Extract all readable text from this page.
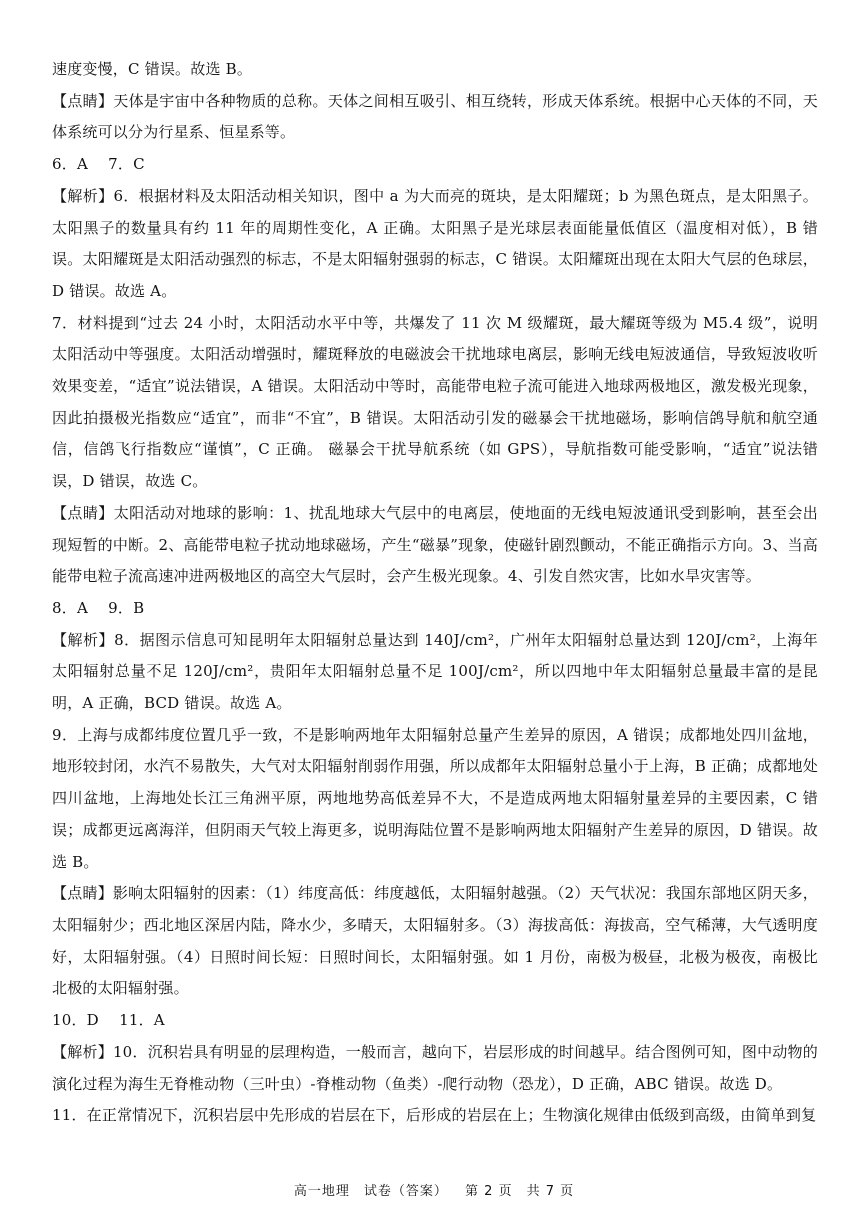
速度变慢，C 错误。故选 B。

【点睛】天体是宇宙中各种物质的总称。天体之间相互吸引、相互绕转，形成天体系统。根据中心天体的不同，天体系统可以分为行星系、恒星系等。

6．A　 7．C

【解析】6．根据材料及太阳活动相关知识，图中 a 为大而亮的斑块，是太阳耀斑；b 为黑色斑点，是太阳黑子。太阳黑子的数量具有约 11 年的周期性变化，A 正确。太阳黑子是光球层表面能量低值区（温度相对低），B 错误。太阳耀斑是太阳活动强烈的标志，不是太阳辐射强弱的标志，C 错误。太阳耀斑出现在太阳大气层的色球层，D 错误。故选 A。

7．材料提到“过去 24 小时，太阳活动水平中等，共爆发了 11 次 M 级耀斑，最大耀斑等级为 M5.4 级”，说明太阳活动中等强度。太阳活动增强时，耀斑释放的电磁波会干扰地球电离层，影响无线电短波通信，导致短波收听效果变差，“适宜”说法错误，A 错误。太阳活动中等时，高能带电粒子流可能进入地球两极地区，激发极光现象，因此拍摄极光指数应“适宜”，而非“不宜”，B 错误。太阳活动引发的磁暴会干扰地磁场，影响信鸽导航和航空通信，信鸽飞行指数应“谨慎”，C 正确。 磁暴会干扰导航系统（如 GPS），导航指数可能受影响，“适宜”说法错误，D 错误，故选 C。

【点睛】太阳活动对地球的影响：1、扰乱地球大气层中的电离层，使地面的无线电短波通讯受到影响，甚至会出现短暂的中断。2、高能带电粒子扰动地球磁场，产生“磁暴”现象，使磁针剧烈颤动，不能正确指示方向。3、当高能带电粒子流高速冲进两极地区的高空大气层时，会产生极光现象。4、引发自然灾害，比如水旱灾害等。

8．A　 9．B

【解析】8．据图示信息可知昆明年太阳辐射总量达到 140J/cm²，广州年太阳辐射总量达到 120J/cm²，上海年太阳辐射总量不足 120J/cm²，贵阳年太阳辐射总量不足 100J/cm²，所以四地中年太阳辐射总量最丰富的是昆明，A 正确，BCD 错误。故选 A。

9．上海与成都纬度位置几乎一致，不是影响两地年太阳辐射总量产生差异的原因，A 错误；成都地处四川盆地，地形较封闭，水汽不易散失，大气对太阳辐射削弱作用强，所以成都年太阳辐射总量小于上海，B 正确；成都地处四川盆地，上海地处长江三角洲平原，两地地势高低差异不大，不是造成两地太阳辐射量差异的主要因素，C 错误；成都更远离海洋，但阴雨天气较上海更多，说明海陆位置不是影响两地太阳辐射产生差异的原因，D 错误。故选 B。

【点睛】影响太阳辐射的因素：（1）纬度高低：纬度越低，太阳辐射越强。（2）天气状况：我国东部地区阴天多，太阳辐射少；西北地区深居内陆，降水少，多晴天，太阳辐射多。（3）海拔高低：海拔高，空气稀薄，大气透明度好，太阳辐射强。（4）日照时间长短：日照时间长，太阳辐射强。如 1 月份，南极为极昼，北极为极夜，南极比北极的太阳辐射强。

10．D　 11．A

【解析】10．沉积岩具有明显的层理构造，一般而言，越向下，岩层形成的时间越早。结合图例可知，图中动物的演化过程为海生无脊椎动物（三叶虫）-脊椎动物（鱼类）-爬行动物（恐龙），D 正确，ABC 错误。故选 D。

11．在正常情况下，沉积岩层中先形成的岩层在下，后形成的岩层在上；生物演化规律由低级到高级，由简单到复

高一地理　试卷（答案） 第 2 页　共 7 页
